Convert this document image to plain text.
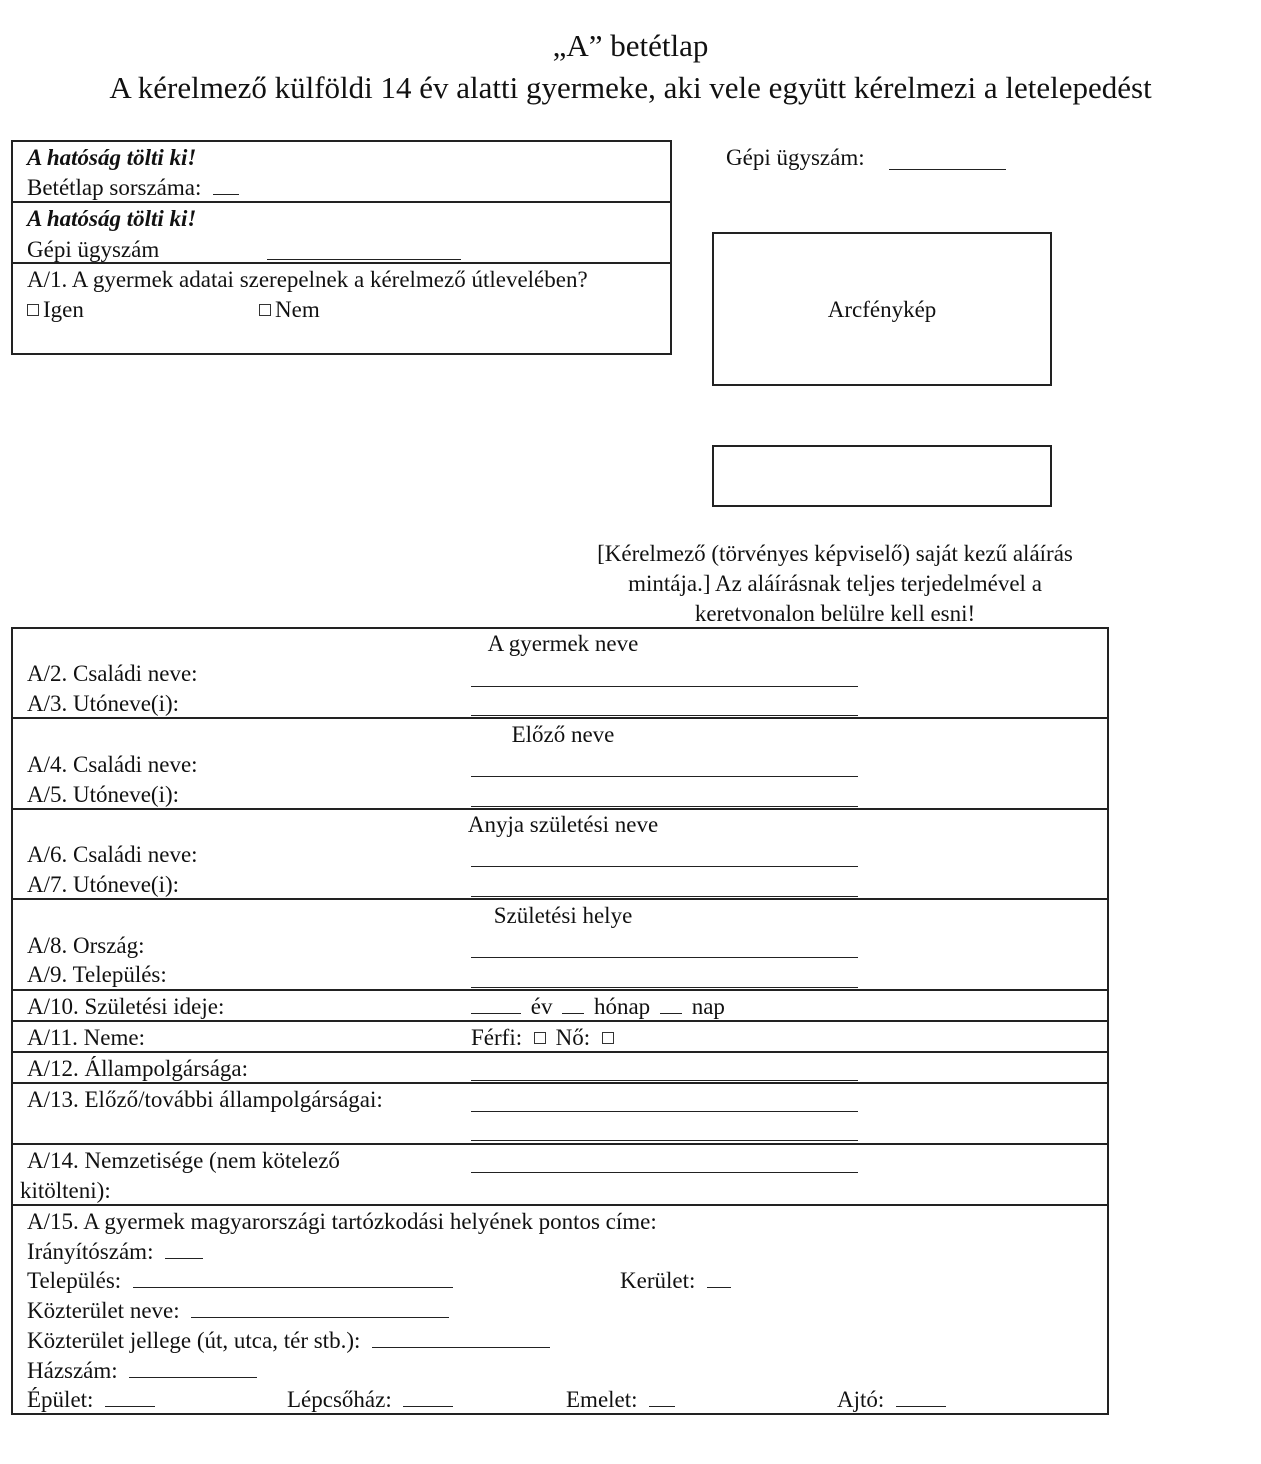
„A” betétlap
A kérelmező külföldi 14 év alatti gyermeke, aki vele együtt kérelmezi a letelepedést
A hatóság tölti ki!
Betétlap sorszáma:
A hatóság tölti ki!
Gépi ügyszám
A/1. A gyermek adatai szerepelnek a kérelmező útlevelében?
Igen	Nem
Gépi ügyszám:
Arcfénykép
[Kérelmező (törvényes képviselő) saját kezű aláírás
mintája.] Az aláírásnak teljes terjedelmével a
keretvonalon belülre kell esni!
A gyermek neve
A/2. Családi neve:
A/3. Utóneve(i):
Előző neve
A/4. Családi neve:
A/5. Utóneve(i):
Anyja születési neve
A/6. Családi neve:
A/7. Utóneve(i):
Születési helye
A/8. Ország:
A/9. Település:
A/10. Születési ideje:	év hónap nap
A/11. Neme:	Férfi: Nő:
A/12. Állampolgársága:
A/13. Előző/további állampolgárságai:
A/14. Nemzetisége (nem kötelező
kitölteni):
A/15. A gyermek magyarországi tartózkodási helyének pontos címe:
Irányítószám:
Település:	Kerület:
Közterület neve:
Közterület jellege (út, utca, tér stb.):
Házszám:
Épület:	Lépcsőház:	Emelet:	Ajtó:
